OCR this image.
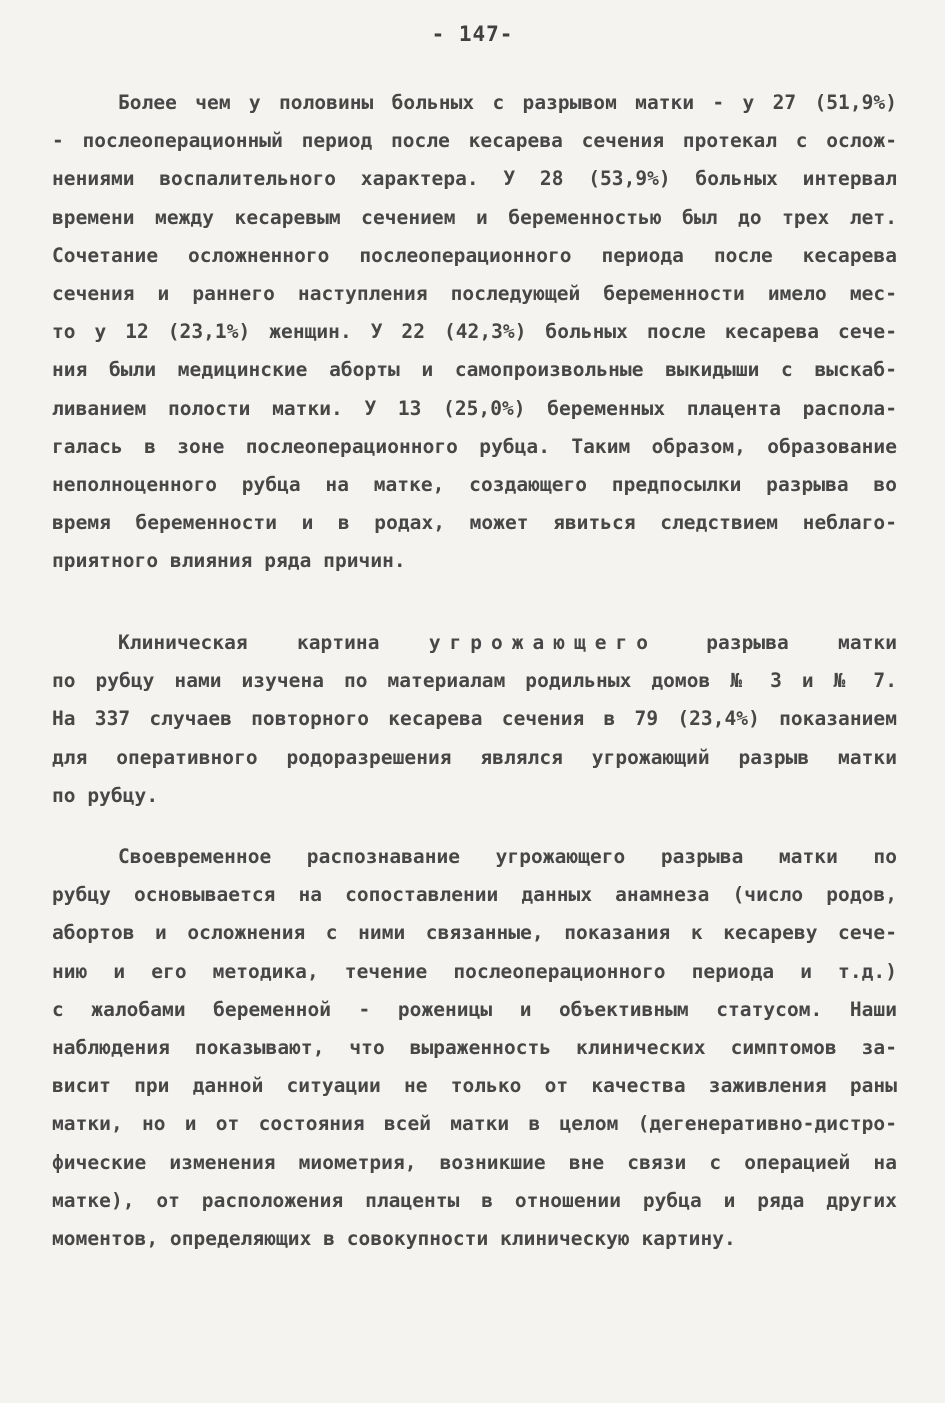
- 147-
Более чем у половины больных с разрывом матки - у 27 (51,9%)
- послеоперационный период после кесарева сечения протекал с ослож-
нениями воспалительного характера. У 28 (53,9%) больных интервал
времени между кесаревым сечением и беременностью был до трех лет.
Сочетание осложненного послеоперационного периода после кесарева
сечения и раннего наступления последующей беременности имело мес-
то у 12 (23,1%) женщин. У 22 (42,3%) больных после кесарева сече-
ния были медицинские аборты и самопроизвольные выкидыши с выскаб-
ливанием полости матки. У 13 (25,0%) беременных плацента распола-
галась в зоне послеоперационного рубца. Таким образом, образование
неполноценного рубца на матке, создающего предпосылки разрыва во
время беременности и в родах, может явиться следствием неблаго-
приятного влияния ряда причин.
Клиническая картина	угрожающего	разрыва матки
по рубцу нами изучена по материалам родильных домов № 3 и № 7.
На 337 случаев повторного кесарева сечения в 79 (23,4%) показанием
для оперативного родоразрешения являлся угрожающий разрыв матки
по рубцу.
Своевременное распознавание угрожающего разрыва матки по
рубцу основывается на сопоставлении данных анамнеза (число родов,
абортов и осложнения с ними связанные, показания к кесареву сече-
нию и его методика, течение послеоперационного периода и т.д.)
с жалобами беременной - роженицы и объективным статусом. Наши
наблюдения показывают, что выраженность клинических симптомов за-
висит при данной ситуации не только от качества заживления раны
матки, но и от состояния всей матки в целом (дегенеративно-дистро-
фические изменения миометрия, возникшие вне связи с операцией на
матке), от расположения плаценты в отношении рубца и ряда других
моментов, определяющих в совокупности клиническую картину.
